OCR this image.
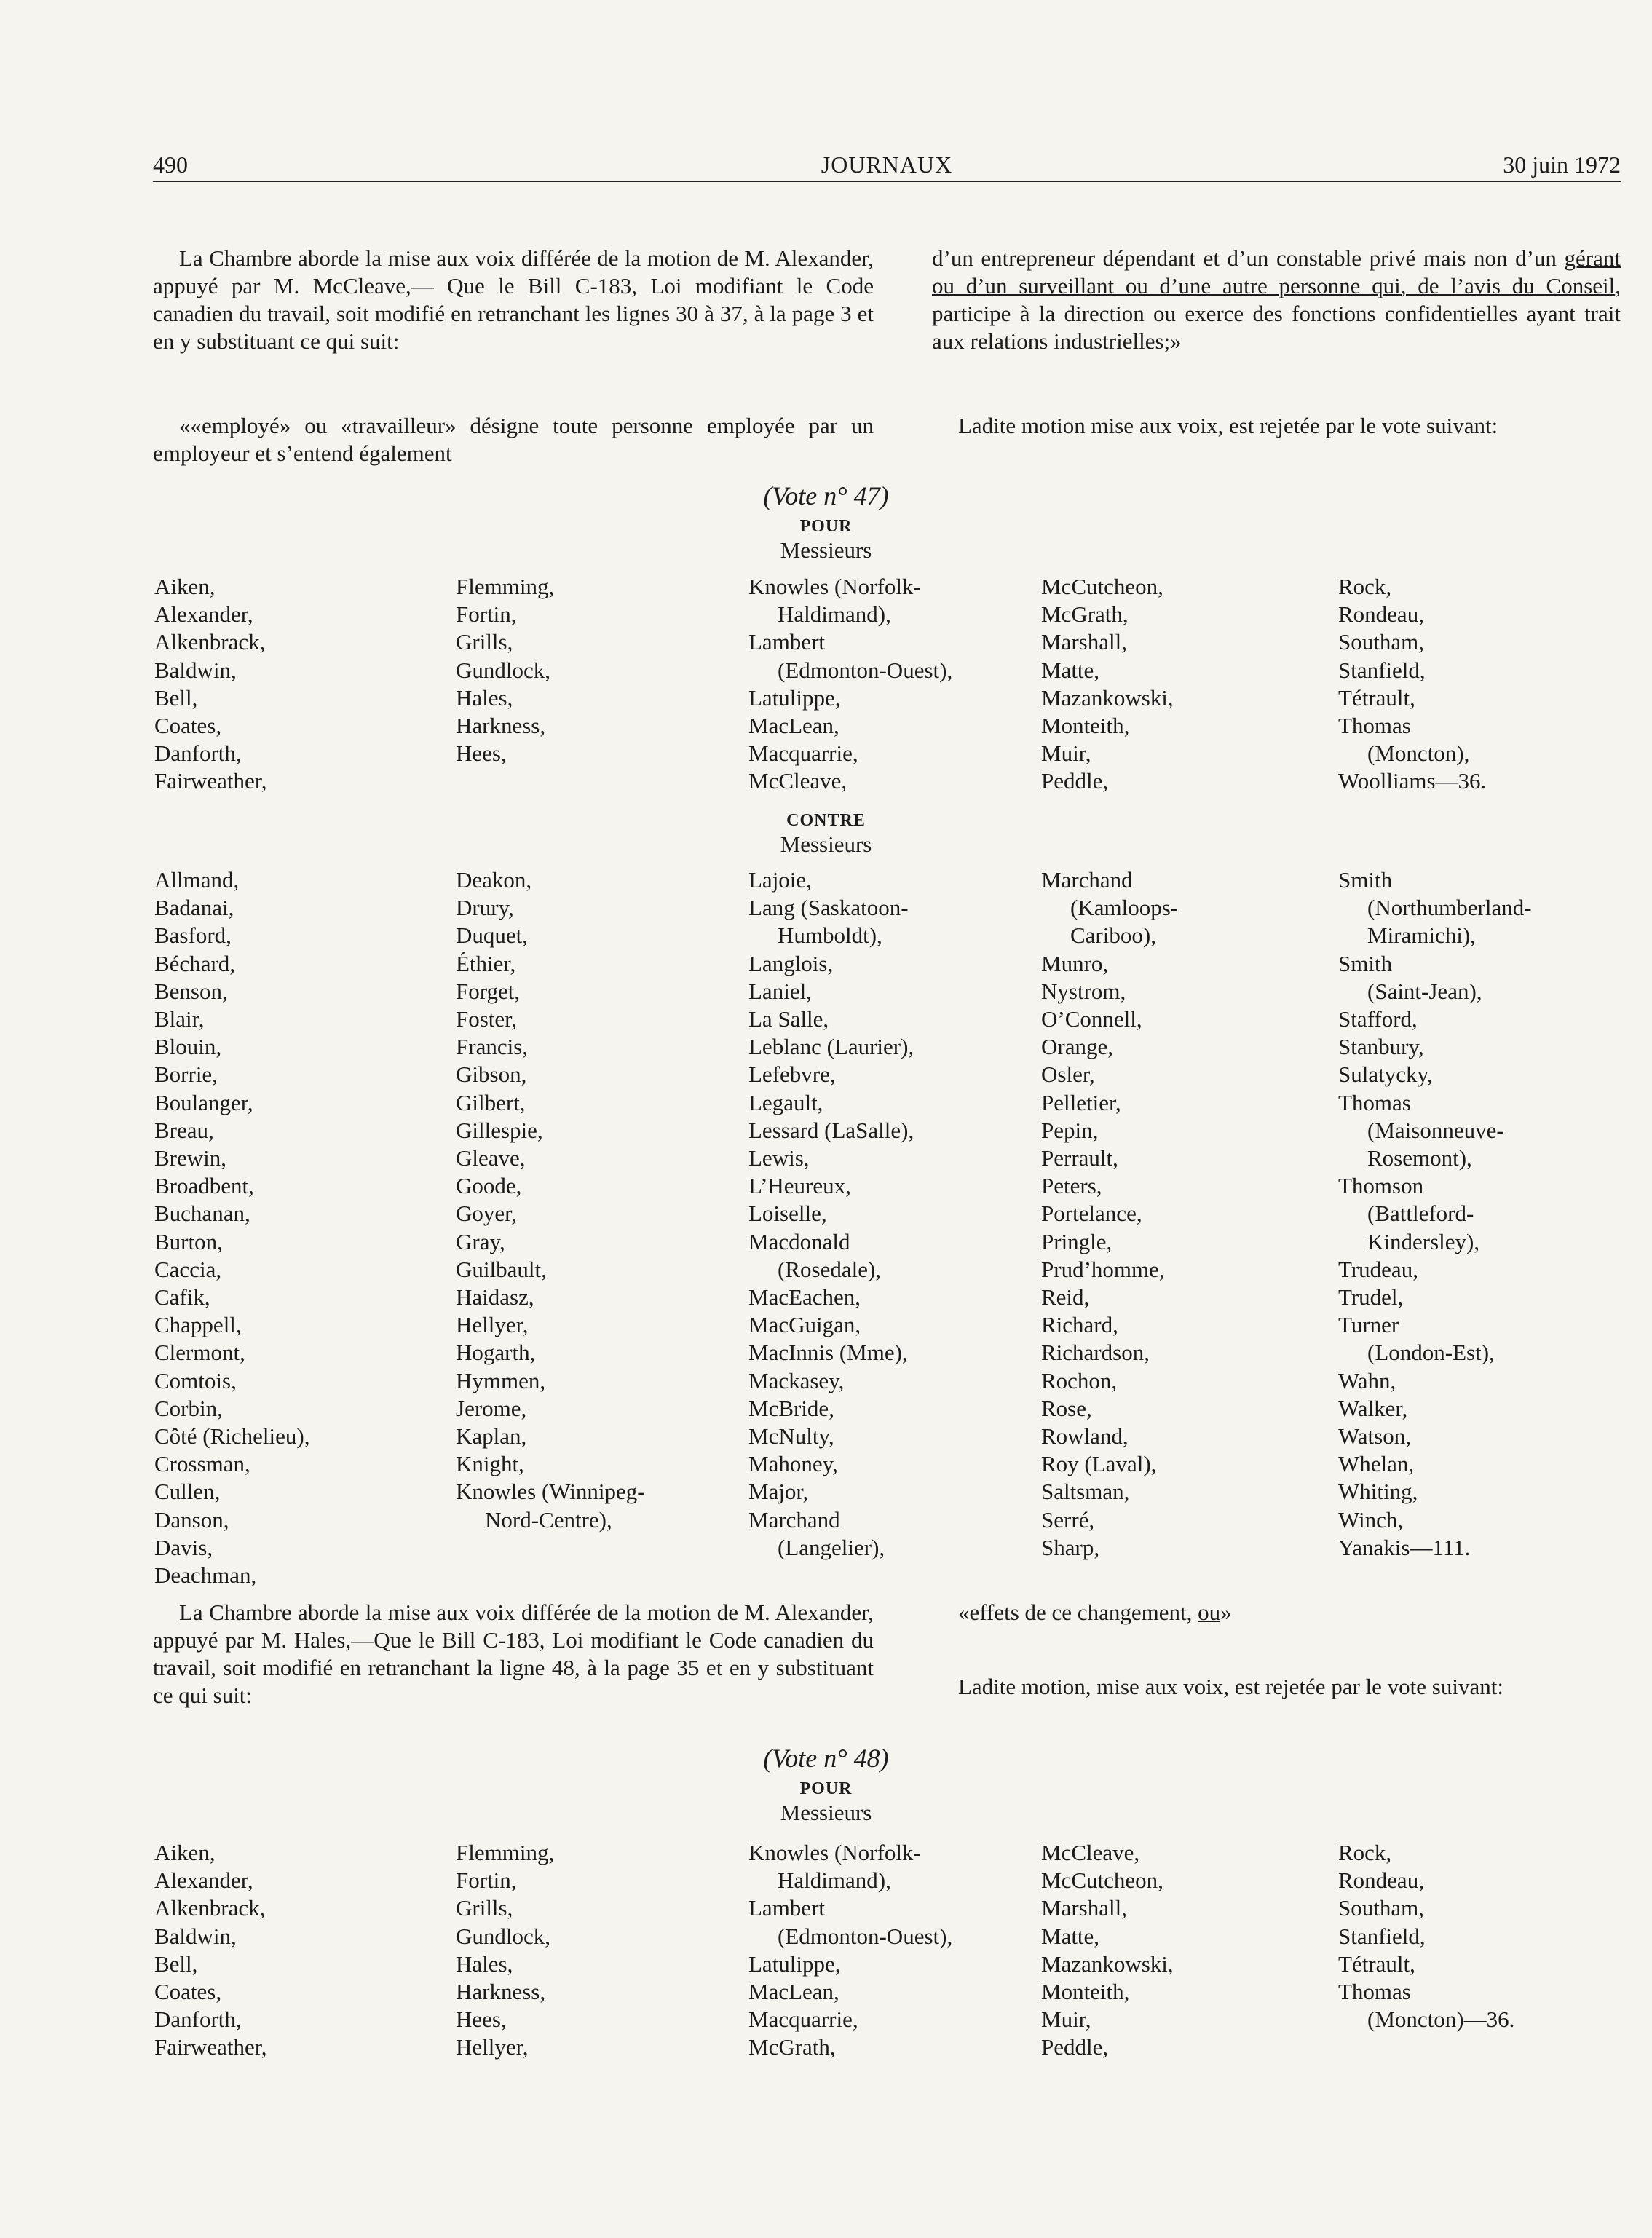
490	JOURNAUX	30 juin 1972
La Chambre aborde la mise aux voix différée de la motion de M. Alexander, appuyé par M. McCleave,— Que le Bill C-183, Loi modifiant le Code canadien du travail, soit modifié en retranchant les lignes 30 à 37, à la page 3 et en y substituant ce qui suit:
««employé» ou «travailleur» désigne toute personne employée par un employeur et s’entend également
d’un entrepreneur dépendant et d’un constable privé mais non d’un gérant ou d’un surveillant ou d’une autre personne qui, de l’avis du Conseil, participe à la direction ou exerce des fonctions confidentielles ayant trait aux relations industrielles;»
Ladite motion mise aux voix, est rejetée par le vote suivant:
(Vote n° 47)
POUR
Messieurs
Aiken,
Alexander,
Alkenbrack,
Baldwin,
Bell,
Coates,
Danforth,
Fairweather,
Flemming,
Fortin,
Grills,
Gundlock,
Hales,
Harkness,
Hees,
Knowles (Norfolk-
Haldimand),
Lambert
(Edmonton-Ouest),
Latulippe,
MacLean,
Macquarrie,
McCleave,
McCutcheon,
McGrath,
Marshall,
Matte,
Mazankowski,
Monteith,
Muir,
Peddle,
Rock,
Rondeau,
Southam,
Stanfield,
Tétrault,
Thomas
(Moncton),
Woolliams—36.
CONTRE
Messieurs
Allmand,
Badanai,
Basford,
Béchard,
Benson,
Blair,
Blouin,
Borrie,
Boulanger,
Breau,
Brewin,
Broadbent,
Buchanan,
Burton,
Caccia,
Cafik,
Chappell,
Clermont,
Comtois,
Corbin,
Côté (Richelieu),
Crossman,
Cullen,
Danson,
Davis,
Deachman,
Deakon,
Drury,
Duquet,
Éthier,
Forget,
Foster,
Francis,
Gibson,
Gilbert,
Gillespie,
Gleave,
Goode,
Goyer,
Gray,
Guilbault,
Haidasz,
Hellyer,
Hogarth,
Hymmen,
Jerome,
Kaplan,
Knight,
Knowles (Winnipeg-
Nord-Centre),
Lajoie,
Lang (Saskatoon-
Humboldt),
Langlois,
Laniel,
La Salle,
Leblanc (Laurier),
Lefebvre,
Legault,
Lessard (LaSalle),
Lewis,
L’Heureux,
Loiselle,
Macdonald
(Rosedale),
MacEachen,
MacGuigan,
MacInnis (Mme),
Mackasey,
McBride,
McNulty,
Mahoney,
Major,
Marchand
(Langelier),
Marchand
(Kamloops-
Cariboo),
Munro,
Nystrom,
O’Connell,
Orange,
Osler,
Pelletier,
Pepin,
Perrault,
Peters,
Portelance,
Pringle,
Prud’homme,
Reid,
Richard,
Richardson,
Rochon,
Rose,
Rowland,
Roy (Laval),
Saltsman,
Serré,
Sharp,
Smith
(Northumberland-
Miramichi),
Smith
(Saint-Jean),
Stafford,
Stanbury,
Sulatycky,
Thomas
(Maisonneuve-
Rosemont),
Thomson
(Battleford-
Kindersley),
Trudeau,
Trudel,
Turner
(London-Est),
Wahn,
Walker,
Watson,
Whelan,
Whiting,
Winch,
Yanakis—111.
La Chambre aborde la mise aux voix différée de la motion de M. Alexander, appuyé par M. Hales,—Que le Bill C-183, Loi modifiant le Code canadien du travail, soit modifié en retranchant la ligne 48, à la page 35 et en y substituant ce qui suit:
«effets de ce changement, ou»
Ladite motion, mise aux voix, est rejetée par le vote suivant:
(Vote n° 48)
POUR
Messieurs
Aiken,
Alexander,
Alkenbrack,
Baldwin,
Bell,
Coates,
Danforth,
Fairweather,
Flemming,
Fortin,
Grills,
Gundlock,
Hales,
Harkness,
Hees,
Hellyer,
Knowles (Norfolk-
Haldimand),
Lambert
(Edmonton-Ouest),
Latulippe,
MacLean,
Macquarrie,
McGrath,
McCleave,
McCutcheon,
Marshall,
Matte,
Mazankowski,
Monteith,
Muir,
Peddle,
Rock,
Rondeau,
Southam,
Stanfield,
Tétrault,
Thomas
(Moncton)—36.
